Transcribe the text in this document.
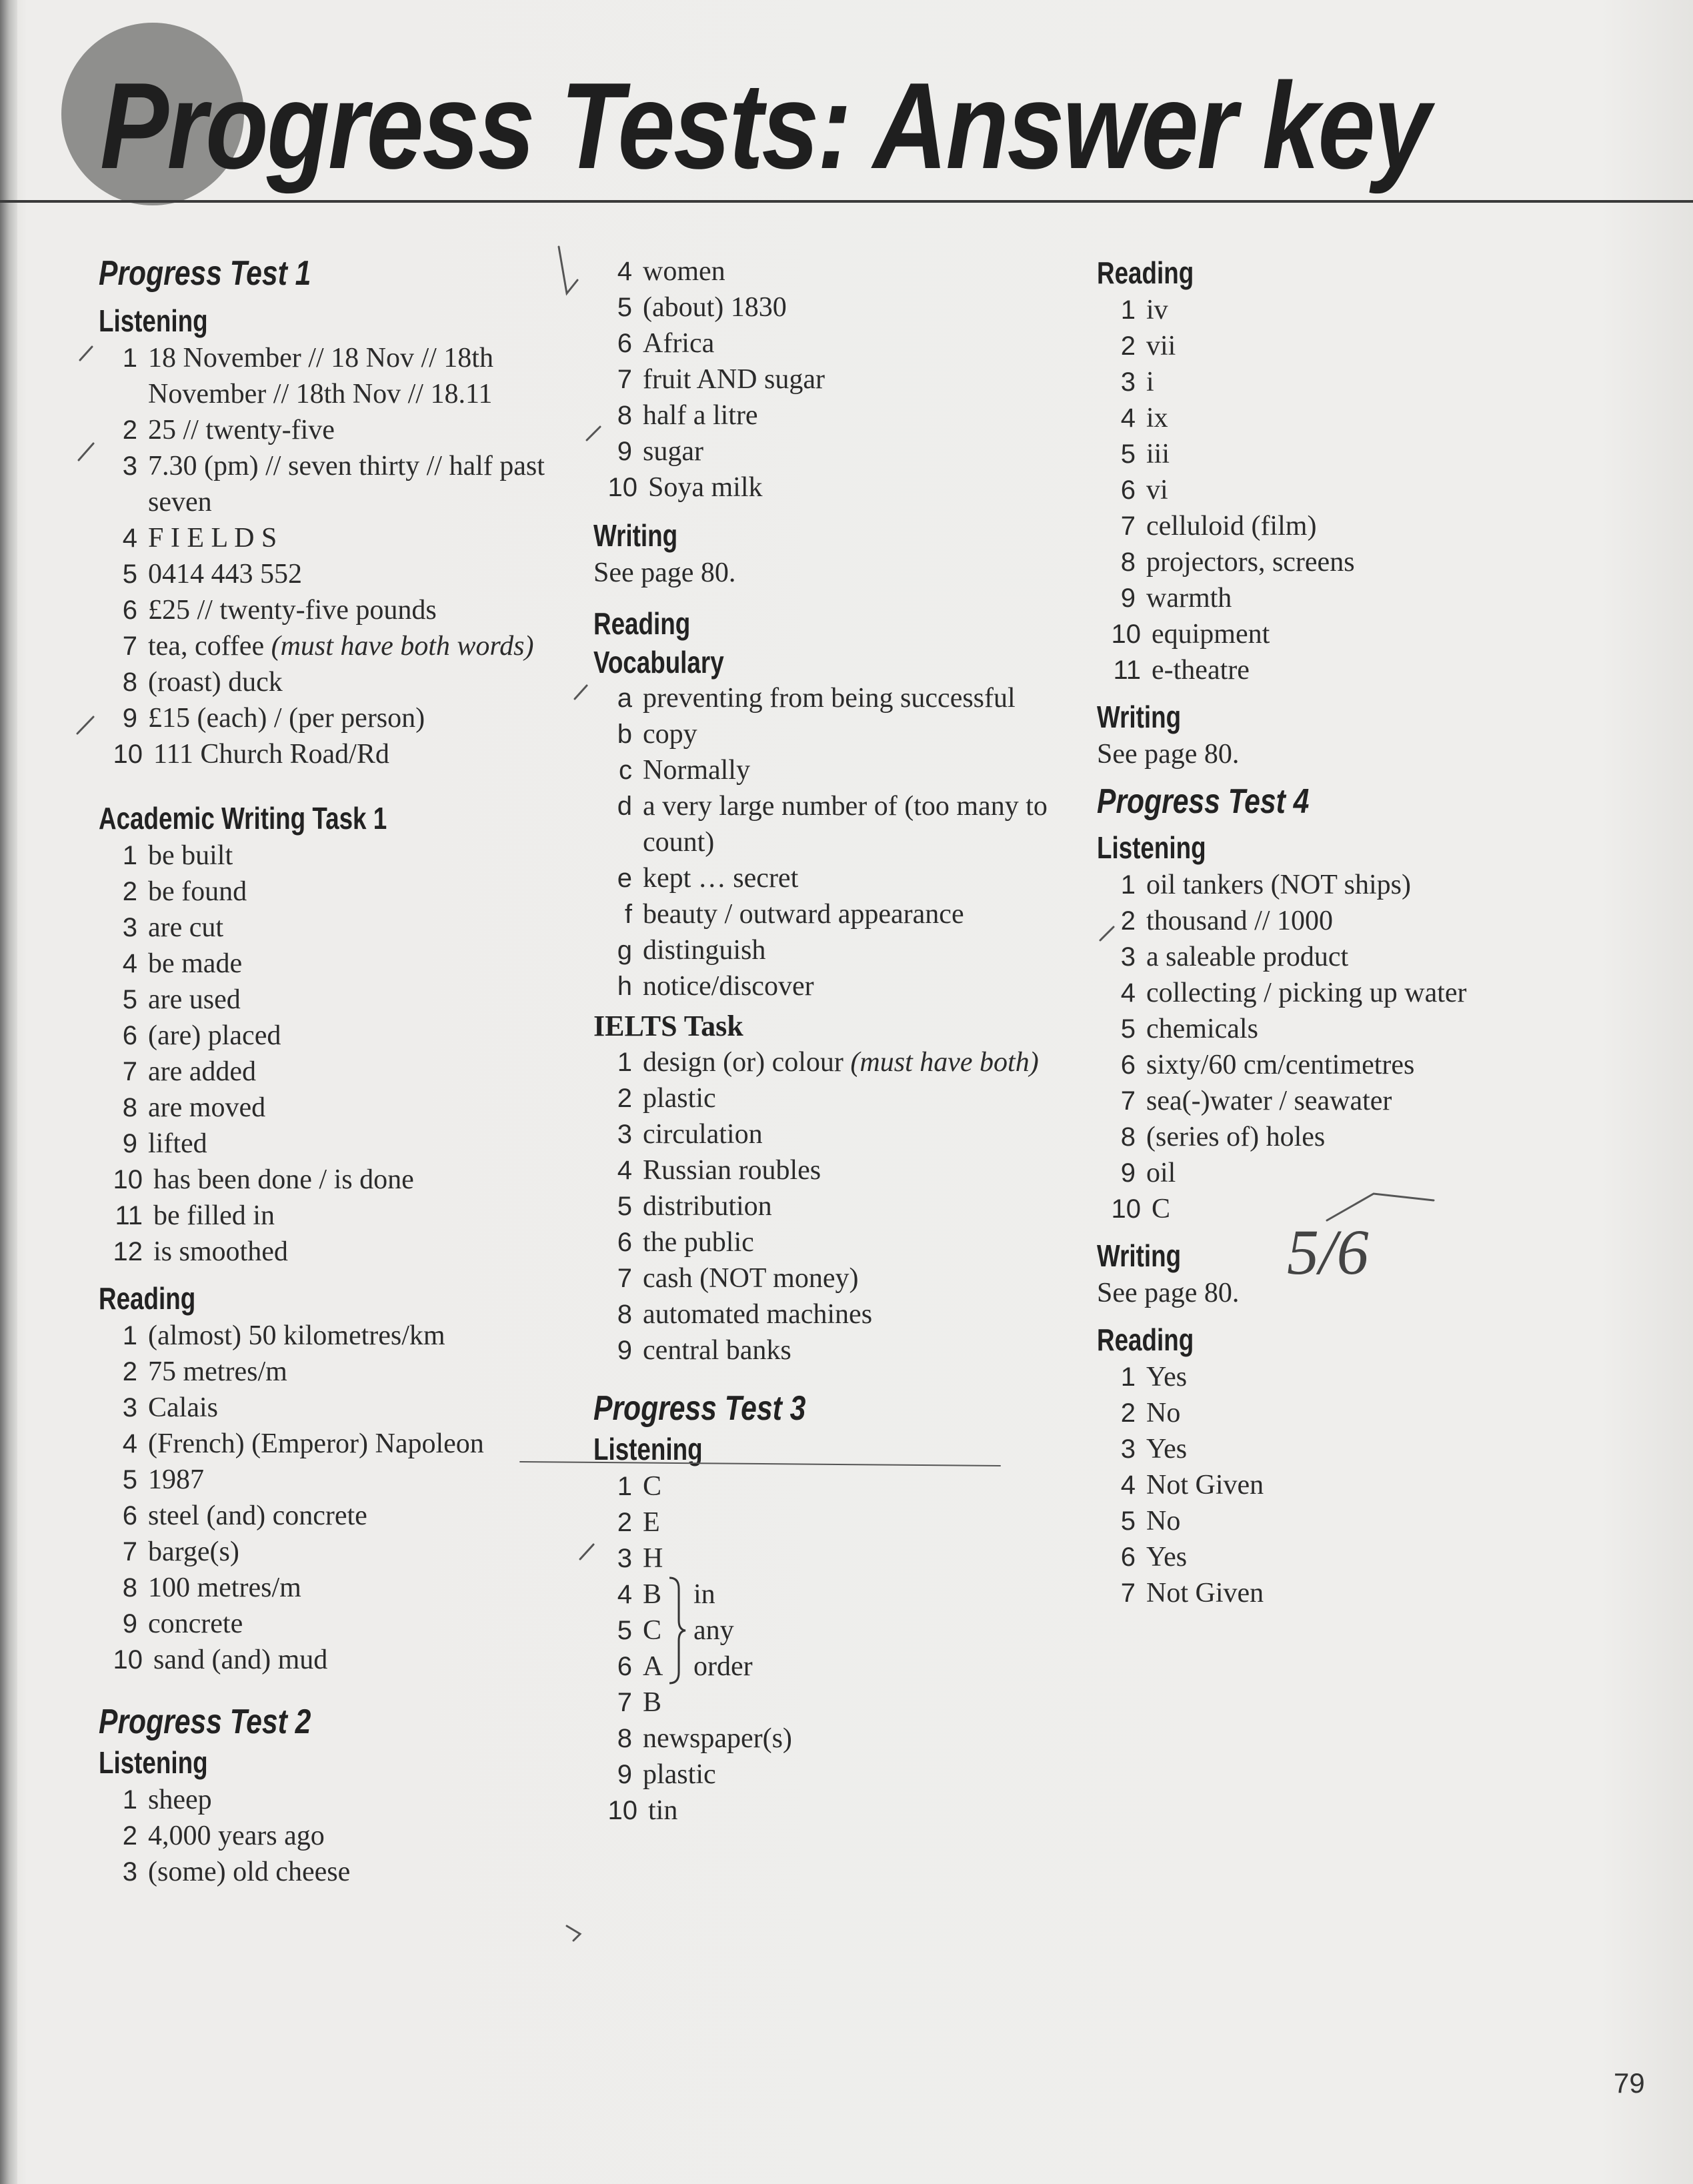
Progress Tests: Answer key
Progress Test 1
Listening
1 18 November // 18 Nov // 18th November // 18th Nov // 18.11
2 25 // twenty-five
3 7.30 (pm) // seven thirty // half past seven
4 F I E L D S
5 0414 443 552
6 £25 // twenty-five pounds
7 tea, coffee (must have both words)
8 (roast) duck
9 £15 (each) / (per person)
10 111 Church Road/Rd
Academic Writing Task 1
1 be built
2 be found
3 are cut
4 be made
5 are used
6 (are) placed
7 are added
8 are moved
9 lifted
10 has been done / is done
11 be filled in
12 is smoothed
Reading
1 (almost) 50 kilometres/km
2 75 metres/m
3 Calais
4 (French) (Emperor) Napoleon
5 1987
6 steel (and) concrete
7 barge(s)
8 100 metres/m
9 concrete
10 sand (and) mud
Progress Test 2
Listening
1 sheep
2 4,000 years ago
3 (some) old cheese
4 women
5 (about) 1830
6 Africa
7 fruit AND sugar
8 half a litre
9 sugar
10 Soya milk
Writing
See page 80.
Reading
Vocabulary
a preventing from being successful
b copy
c Normally
d a very large number of (too many to count)
e kept … secret
f beauty / outward appearance
g distinguish
h notice/discover
IELTS Task
1 design (or) colour (must have both)
2 plastic
3 circulation
4 Russian roubles
5 distribution
6 the public
7 cash (NOT money)
8 automated machines
9 central banks
Progress Test 3
Listening
1 C
2 E
3 H
4 B
5 C
6 A
7 B
8 newspaper(s)
9 plastic
10 tin
in
any
order
Reading
1 iv
2 vii
3 i
4 ix
5 iii
6 vi
7 celluloid (film)
8 projectors, screens
9 warmth
10 equipment
11 e-theatre
Writing
See page 80.
Progress Test 4
Listening
1 oil tankers (NOT ships)
2 thousand // 1000
3 a saleable product
4 collecting / picking up water
5 chemicals
6 sixty/60 cm/centimetres
7 sea(-)water / seawater
8 (series of) holes
9 oil
10 C
Writing
See page 80.
Reading
1 Yes
2 No
3 Yes
4 Not Given
5 No
6 Yes
7 Not Given
5/6
79
